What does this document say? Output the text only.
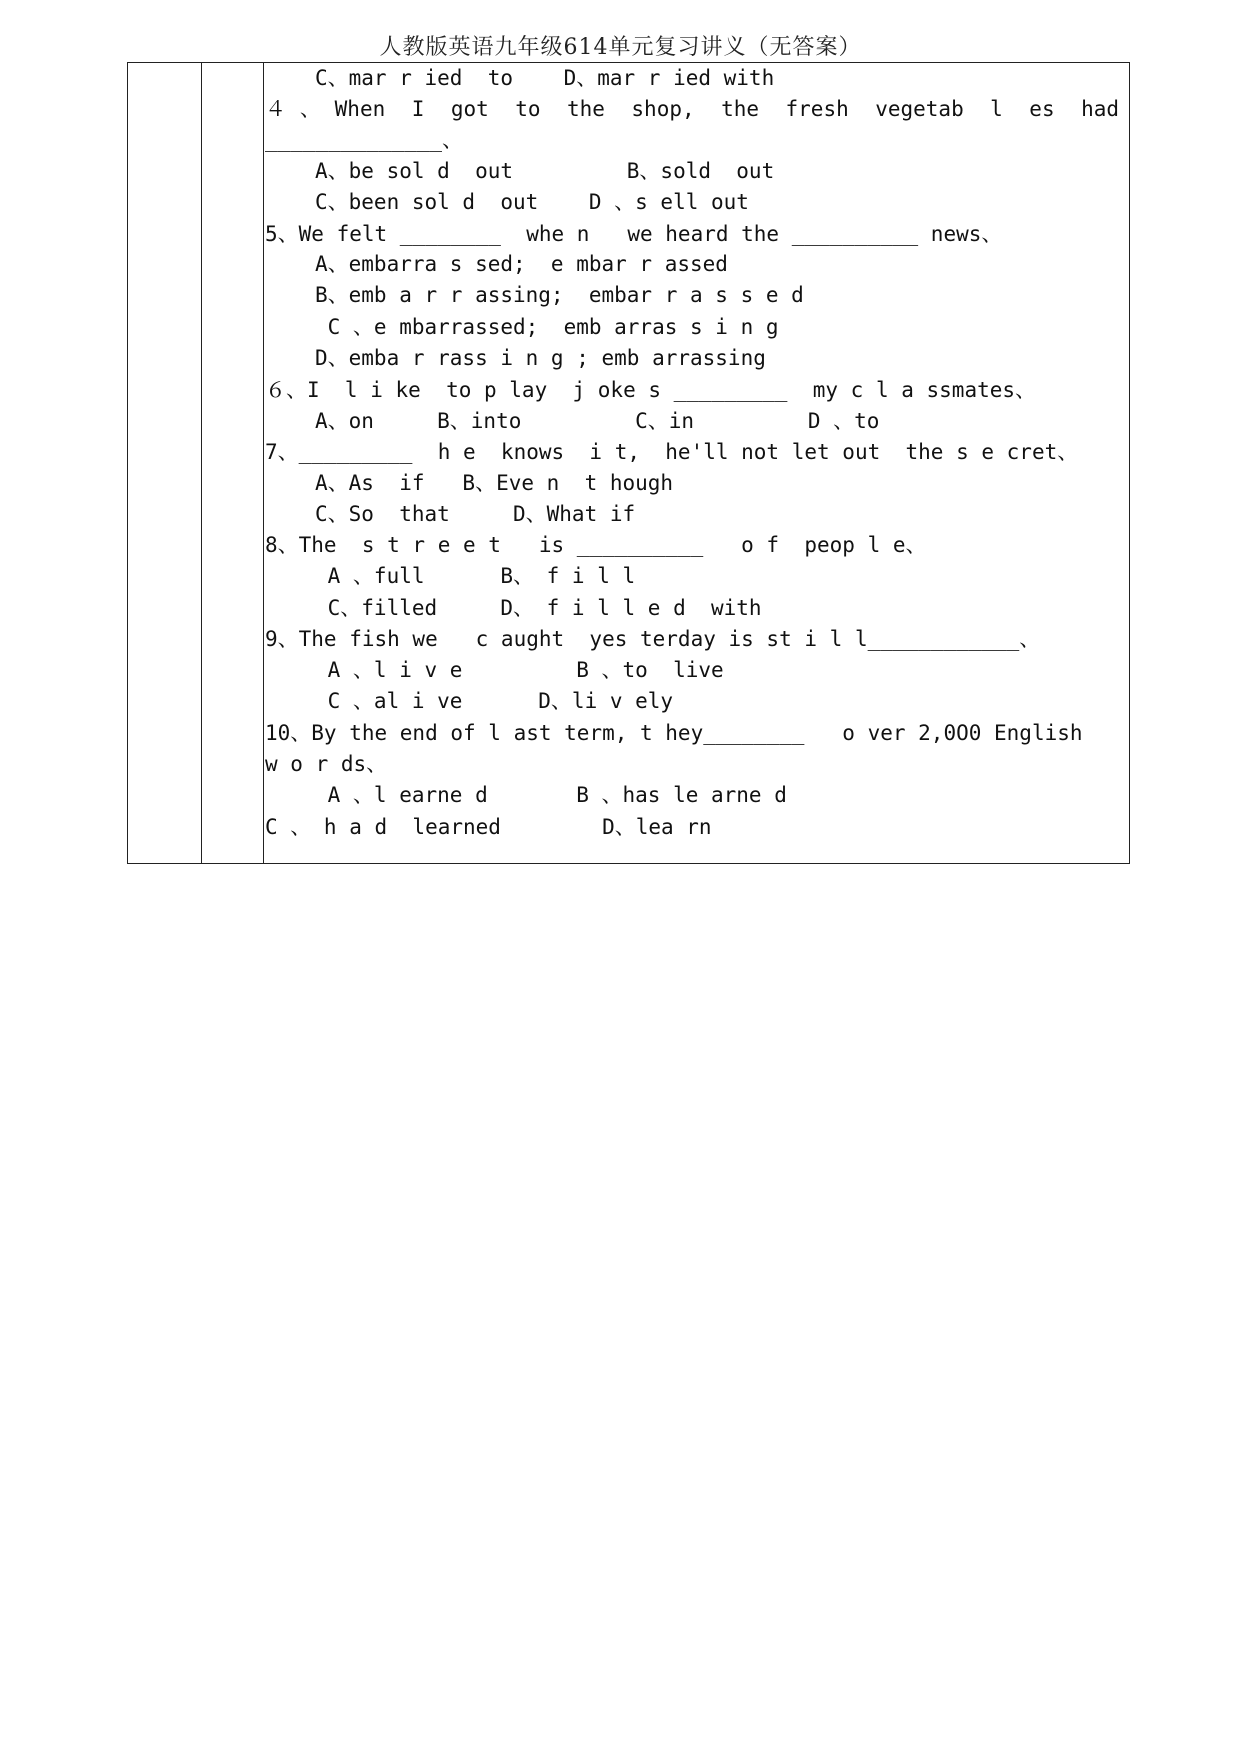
人教版英语九年级614单元复习讲义（无答案）
C、mar r ied  to    D、mar r ied with
４、When I got to the shop, the fresh vegetab l es had
______________、
A、be sol d  out         B、sold  out
C、been sol d  out    D 、s ell out
5、We felt ________  whe n   we heard the __________ news、
A、embarra s sed;  e mbar r assed
B、emb a r r assing;  embar r a s s e d
C 、e mbarrassed;  emb arras s i n g
D、emba r rass i n g ; emb arrassing
６、I  l i ke  to p lay  j oke s _________  my c l a ssmates、
A、on     B、into         C、in         D 、to
7、_________  h e  knows  i t,  he'll not let out  the s e cret、
A、As  if   B、Eve n  t hough
C、So  that     D、What if
8、The  s t r e e t   is __________   o f  peop l e、
A 、full      B、 f i l l
C、filled     D、 f i l l e d  with
9、The fish we   c aught  yes terday is st i l l____________、
A 、l i v e         B 、to  live
C 、al i ve      D、li v ely
10、By the end of l ast term, t hey________   o ver 2,0O0 English
w o r ds、
A 、l earne d       B 、has le arne d
C 、 h a d  learned        D、lea rn
